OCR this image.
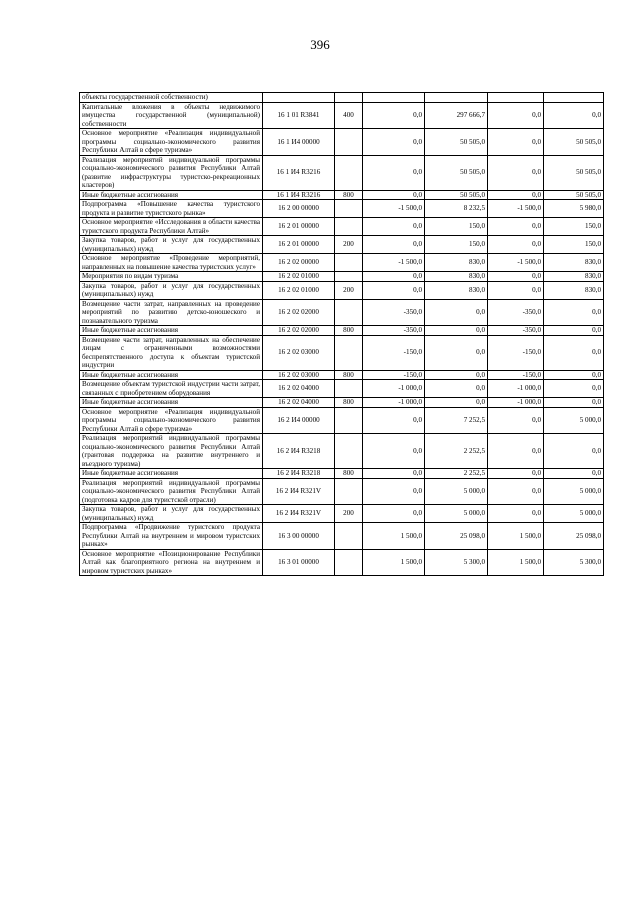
396
объекты государственной собственности)						
Капитальные вложения в объекты недвижимого имущества государственной (муниципальной) собственности	16 1 01 R3841	400	0,0	297 666,7	0,0	0,0
Основное мероприятие «Реализация индивидуальной программы социально-экономического развития Республики Алтай в сфере туризма»	16 1 И4 00000		0,0	50 505,0	0,0	50 505,0
Реализация мероприятий индивидуальной программы социально-экономического развития Республики Алтай (развитие инфраструктуры туристско-рекреационных кластеров)	16 1 И4 R3216		0,0	50 505,0	0,0	50 505,0
Иные бюджетные ассигнования	16 1 И4 R3216	800	0,0	50 505,0	0,0	50 505,0
Подпрограмма «Повышение качества туристского продукта и развитие туристского рынка»	16 2 00 00000		-1 500,0	8 232,5	-1 500,0	5 980,0
Основное мероприятие «Исследования в области качества туристского продукта Республики Алтай»	16 2 01 00000		0,0	150,0	0,0	150,0
Закупка товаров, работ и услуг для государственных (муниципальных) нужд	16 2 01 00000	200	0,0	150,0	0,0	150,0
Основное мероприятие «Проведение мероприятий, направленных на повышение качества туристских услуг»	16 2 02 00000		-1 500,0	830,0	-1 500,0	830,0
Мероприятия по видам туризма	16 2 02 01000		0,0	830,0	0,0	830,0
Закупка товаров, работ и услуг для государственных (муниципальных) нужд	16 2 02 01000	200	0,0	830,0	0,0	830,0
Возмещение части затрат, направленных на проведение мероприятий по развитию детско-юношеского и познавательного туризма	16 2 02 02000		-350,0	0,0	-350,0	0,0
Иные бюджетные ассигнования	16 2 02 02000	800	-350,0	0,0	-350,0	0,0
Возмещение части затрат, направленных на обеспечение лицам с ограниченными возможностями беспрепятственного доступа к объектам туристской индустрии	16 2 02 03000		-150,0	0,0	-150,0	0,0
Иные бюджетные ассигнования	16 2 02 03000	800	-150,0	0,0	-150,0	0,0
Возмещение объектам туристской индустрии части затрат, связанных с приобретением оборудования	16 2 02 04000		-1 000,0	0,0	-1 000,0	0,0
Иные бюджетные ассигнования	16 2 02 04000	800	-1 000,0	0,0	-1 000,0	0,0
Основное мероприятие «Реализация индивидуальной программы социально-экономического развития Республики Алтай в сфере туризма»	16 2 И4 00000		0,0	7 252,5	0,0	5 000,0
Реализация мероприятий индивидуальной программы социально-экономического развития Республики Алтай (грантовая поддержка на развитие внутреннего и въездного туризма)	16 2 И4 R3218		0,0	2 252,5	0,0	0,0
Иные бюджетные ассигнования	16 2 И4 R3218	800	0,0	2 252,5	0,0	0,0
Реализация мероприятий индивидуальной программы социально-экономического развития Республики Алтай (подготовка кадров для туристской отрасли)	16 2 И4 R321V		0,0	5 000,0	0,0	5 000,0
Закупка товаров, работ и услуг для государственных (муниципальных) нужд	16 2 И4 R321V	200	0,0	5 000,0	0,0	5 000,0
Подпрограмма «Продвижение туристского продукта Республики Алтай на внутреннем и мировом туристских рынках»	16 3 00 00000		1 500,0	25 098,0	1 500,0	25 098,0
Основное мероприятие «Позиционирование Республики Алтай как благоприятного региона на внутреннем и мировом туристских рынках»	16 3 01 00000		1 500,0	5 300,0	1 500,0	5 300,0
